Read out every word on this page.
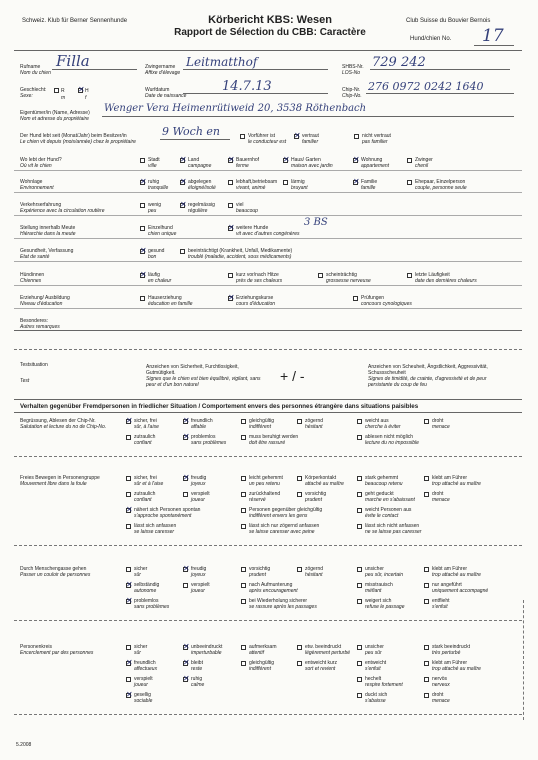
Schweiz. Klub für Berner Sennenhunde	Körbericht KBS: Wesen
Rapport de Sélection du CBB: Caractère
Club Suisse du Bouvier Bernois
Hund/chien No. 17
Rufname
Nom du chien
Filla	Zwingername
Affixe d'élevage
Leitmatthof	SHBS-Nr.
LOS-No
729 242
Geschlecht:
Sexe:
R
✕	H
m	f
Wurfdatum
Date de naissance
14.7.13	Chip-Nr.
Chip-No.
276 0972 0242 1640
Eigentümer/in (Name, Adresse)
Nom et adresse du propriétaire
Wenger Vera Heimenrütiweid 20, 3538 Röthenbach
Der Hund lebt seit (Monat/Jahr) beim Besitzer/in
Le chien vit depuis (mois/année) chez le propriétaire
9 Woch en	Vorführer ist
le conducteur est
✕
vertraut
familier
nicht vertraut
pas familier
Wo lebt der Hund?
Où vit le chien
Stadt
ville
✕
Land
campagne
✕
Bauernhof
ferme
✕
Haus/ Garten
maison avec jardin
✕
Wohnung
appartement
Zwinger
chenil
Wohnlage
Environnement
✕
ruhig
tranquille
✕
abgelegen
éloigné/isolé
lebhaft,betriebsam
vivant, animé
lärmig
bruyant
✕
Familie
famille
Ehepaar, Einzelperson
couple, personne seule
Verkehrserfahrung
Expérience avec la circulation routière
wenig
peu
✕
regelmässig
régulière
viel
beaucoup
Stellung innerhalb Meute
Hiérarchie dans la meute
Einzelhund
chien unique
✕
weitere Hunde
vit avec d'autres congénères
3 BS
Gesundheit, Verfassung
Etat de santé
✕
gesund
bon
beeinträchtigt (Krankheit, Unfall, Medikamente)
troublé (maladie, accident, sous médicaments)
Hündinnen
Chiennes
✕
läufig
en chaleur
kurz vor/nach Hitze
près de ses chaleurs
scheinträchtig
grossesse nerveuse
letzte Läufigkeit
date des dernières chaleurs
Erziehung/ Ausbildung
Niveau d'éducation
Hauserziehung
éducation en famille
✕
Erziehungskurse
cours d'éducation
Prüfungen
concours cynologiques
Besonderes:
Autres remarques
Testsituation
Test
Anzeichen von Sicherheit, Furchtlosigkeit, Gutmütigkeit.
Signes que le chien est bien équilibré, vigilant, sans peur et d'un bon naturel
+ / -
Anzeichen von Scheuheit, Ängstlichkeit, Aggressivität, Schussscheuheit
Signes de timidité, de crainte, d'agressivité et de peur persistante du coup de feu
Verhalten gegenüber Fremdpersonen in friedlicher Situation / Comportement envers des personnes étrangère dans situations paisibles
Begrüssung, Ablesen der Chip-Nr.
Salutation et lecture du no de Chip-No.
✕
sicher, frei
sûr, à l'aise
✕
freundlich
affable
gleichgültig
indifférent
zögernd
hésitant
weicht aus
cherche à éviter
droht
menace
zutraulich
confiant
✕
problemlos
sans problèmes
muss beruhigt werden
doit être rassuré
ablesen nicht möglich
lecture du no impossible
Freies Bewegen in Personengruppe
Mouvement libre dans la foule
sicher, frei
sûr et à l'aise
✕
freudig
joyeux
leicht gehemmt
un peu retenu
Körperkontakt
attaché au maître
stark gehemmt
beaucoup retenu
klebt am Führer
trop attaché au maître
zutraulich
confiant
verspielt
joueur
zurückhaltend
réservé
vorsichtig
prudent
geht geduckt
marche en s'abaissant
droht
menace
✕
nähert sich Personen spontan
s'approche spontanément
Personen gegenüber gleichgültig
indifférent envers les gens
weicht Personen aus
évite le contact
lässt sich anfassen
se laisse caresser
lässt sich nur zögernd anfassen
se laisse caresser avec peine
lässt sich nicht anfassen
ne se laisse pas caresser
Durch Menschengasse gehen
Passer un couloir de personnes
sicher
sûr
✕
freudig
joyeux
vorsichtig
prudent
zögernd
hésitant
unsicher
peu sûr, incertain
klebt am Führer
trop attaché au maître
✕
selbständig
autonome
verspielt
joueur
nach Aufmunterung
après encouragement
misstrauisch
méfiant
nur angeführt
uniquement accompagné
✕
problemlos
sans problèmes
bei Wiederholung sicherer
se rassure après les passages
weigert sich
refuse le passage
entflieht
s'enfuit
Personenkreis
Encerclement par des personnes
sicher
sûr
✕
unbeeindruckt
imperturbable
aufmerksam
attentif
etw. beeindruckt
légèrement perturbé
unsicher
peu sûr
stark beeindruckt
très perturbé
✕
freundlich
affectueux
✕
bleibt
reste
gleichgültig
indifférent
entweicht kurz
sort et revient
entweicht
s'enfuit
klebt am Führer
trop attaché au maître
verspielt
joueur
✕
ruhig
calme
hechelt
respire fortement
nervös
nerveux
✕
gesellig
sociable
duckt sich
s'abaisse
droht
menace
5.2008
